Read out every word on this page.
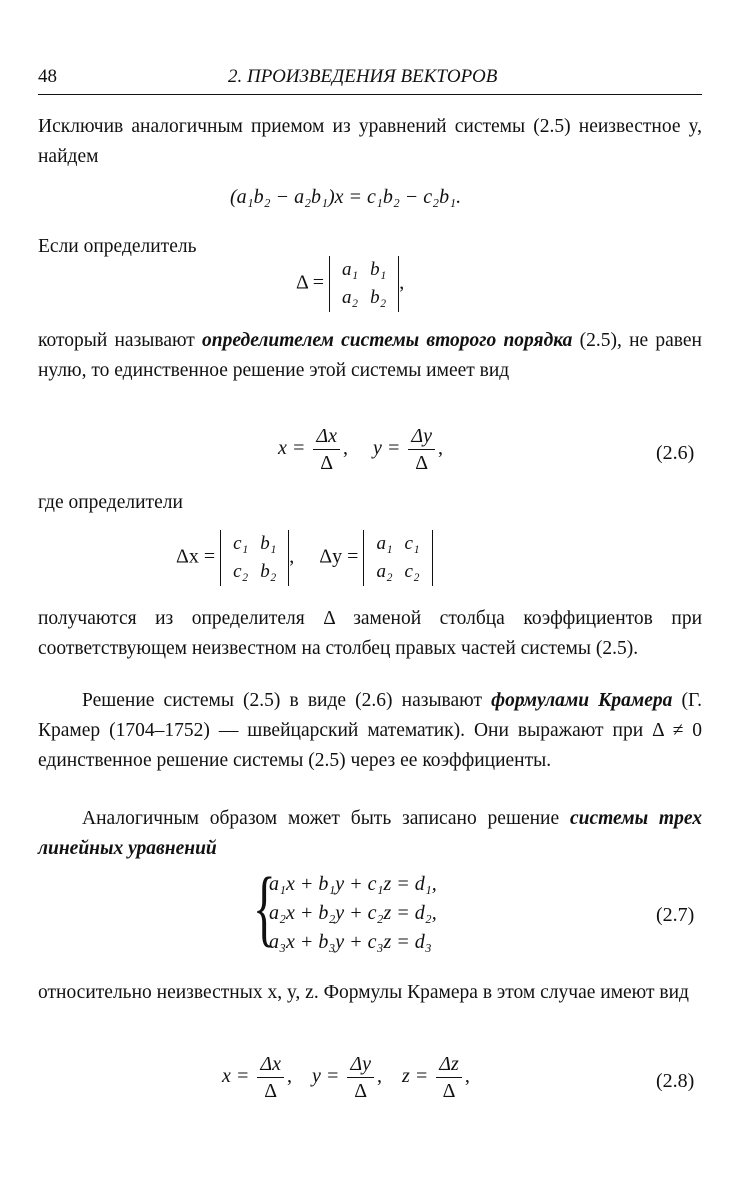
48	2. ПРОИЗВЕДЕНИЯ ВЕКТОРОВ

Исключив аналогичным приемом из уравнений системы (2.5) неизвестное y, найдем

(a₁b₂ − a₂b₁)x = c₁b₂ − c₂b₁.

Если определитель

Δ =
a₁	b₁
a₂	b₂
,

который называют определителем системы второго порядка (2.5), не равен нулю, то единственное решение этой системы имеет вид

$x = \frac{\Delta x}{\Delta}$ , $y = \frac{\Delta y}{\Delta}$ ,	(2.6)

где определители

Δx =
c₁	b₁
c₂	b₂
, Δy =
a₁	c₁
a₂	c₂

получаются из определителя Δ заменой столбца коэффициентов при соответствующем неизвестном на столбец правых частей системы (2.5).

Решение системы (2.5) в виде (2.6) называют формулами Крамера (Г. Крамер (1704–1752) — швейцарский математик). Они выражают при Δ ≠ 0 единственное решение системы (2.5) через ее коэффициенты.

Аналогичным образом может быть записано решение системы трех линейных уравнений

{
a₁x + b₁y + c₁z = d₁,
a₂x + b₂y + c₂z = d₂,
a₃x + b₃y + c₃z = d₃
(2.7)

относительно неизвестных x, y, z. Формулы Крамера в этом случае имеют вид

$x = \frac{\Delta x}{\Delta}$ , $y = \frac{\Delta y}{\Delta}$ , $z = \frac{\Delta z}{\Delta}$ ,	(2.8)
